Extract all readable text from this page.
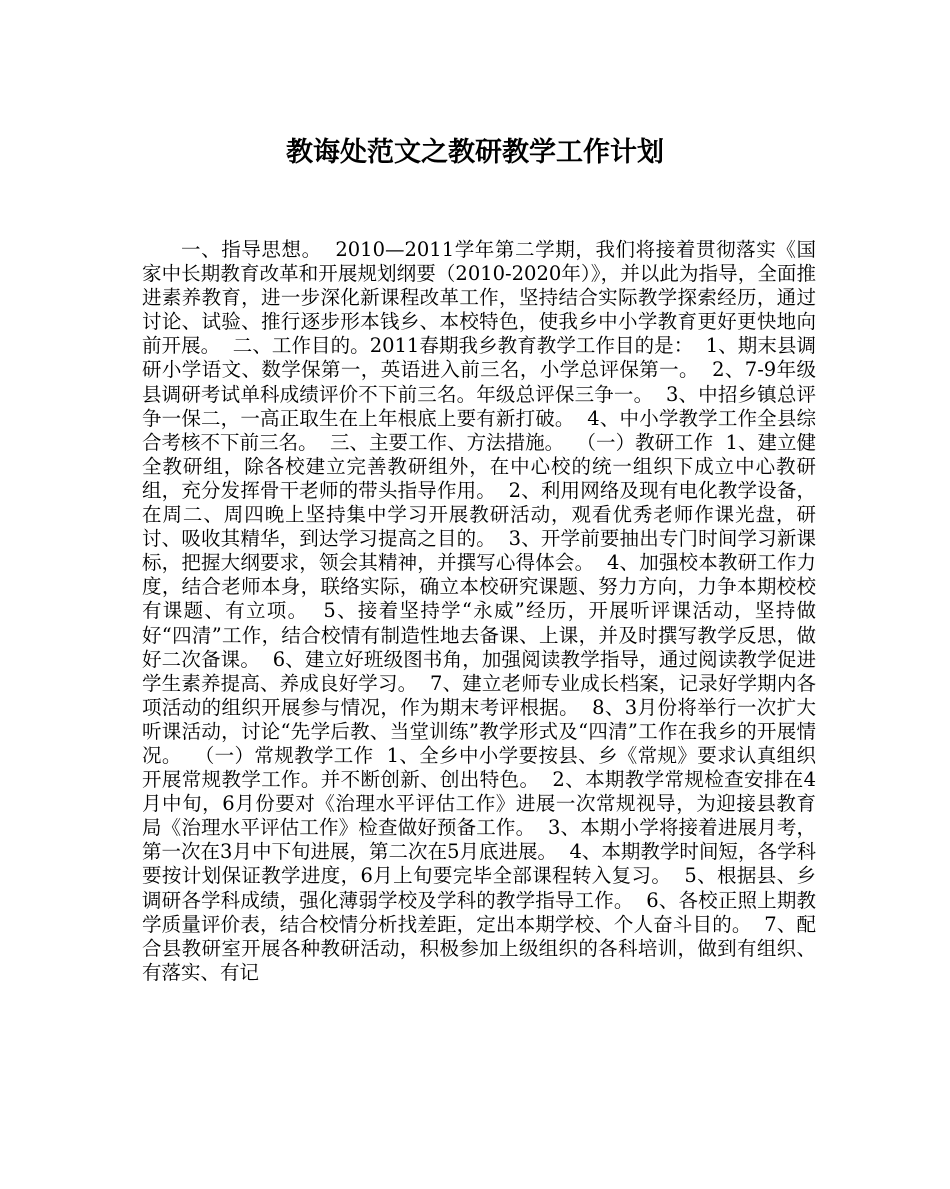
教诲处范文之教研教学工作计划

一、指导思想。  2010—2011学年第二学期，我们将接着贯彻落实《国家中长期教育改革和开展规划纲要（2010-2020年）》，并以此为指导，全面推进素养教育，进一步深化新课程改革工作，坚持结合实际教学探索经历，通过讨论、试验、推行逐步形本钱乡、本校特色，使我乡中小学教育更好更快地向前开展。  二、工作目的。2011春期我乡教育教学工作目的是：  1、期末县调研小学语文、数学保第一，英语进入前三名，小学总评保第一。  2、7-9年级县调研考试单科成绩评价不下前三名。年级总评保三争一。  3、中招乡镇总评争一保二，一高正取生在上年根底上要有新打破。  4、中小学教学工作全县综合考核不下前三名。  三、主要工作、方法措施。  （一）教研工作  1、建立健全教研组，除各校建立完善教研组外，在中心校的统一组织下成立中心教研组，充分发挥骨干老师的带头指导作用。  2、利用网络及现有电化教学设备，在周二、周四晚上坚持集中学习开展教研活动，观看优秀老师作课光盘，研讨、吸收其精华，到达学习提高之目的。  3、开学前要抽出专门时间学习新课标，把握大纲要求，领会其精神，并撰写心得体会。  4、加强校本教研工作力度，结合老师本身，联络实际，确立本校研究课题、努力方向，力争本期校校有课题、有立项。  5、接着坚持学“永威”经历，开展听评课活动，坚持做好“四清”工作，结合校情有制造性地去备课、上课，并及时撰写教学反思，做好二次备课。  6、建立好班级图书角，加强阅读教学指导，通过阅读教学促进学生素养提高、养成良好学习。  7、建立老师专业成长档案，记录好学期内各项活动的组织开展参与情况，作为期末考评根据。  8、3月份将举行一次扩大听课活动，讨论“先学后教、当堂训练”教学形式及“四清”工作在我乡的开展情况。  （一）常规教学工作  1、全乡中小学要按县、乡《常规》要求认真组织开展常规教学工作。并不断创新、创出特色。  2、本期教学常规检查安排在4月中旬，6月份要对《治理水平评估工作》进展一次常规视导，为迎接县教育局《治理水平评估工作》检查做好预备工作。  3、本期小学将接着进展月考，第一次在3月中下旬进展，第二次在5月底进展。  4、本期教学时间短，各学科要按计划保证教学进度，6月上旬要完毕全部课程转入复习。  5、根据县、乡调研各学科成绩，强化薄弱学校及学科的教学指导工作。  6、各校正照上期教学质量评价表，结合校情分析找差距，定出本期学校、个人奋斗目的。  7、配合县教研室开展各种教研活动，积极参加上级组织的各科培训，做到有组织、有落实、有记
